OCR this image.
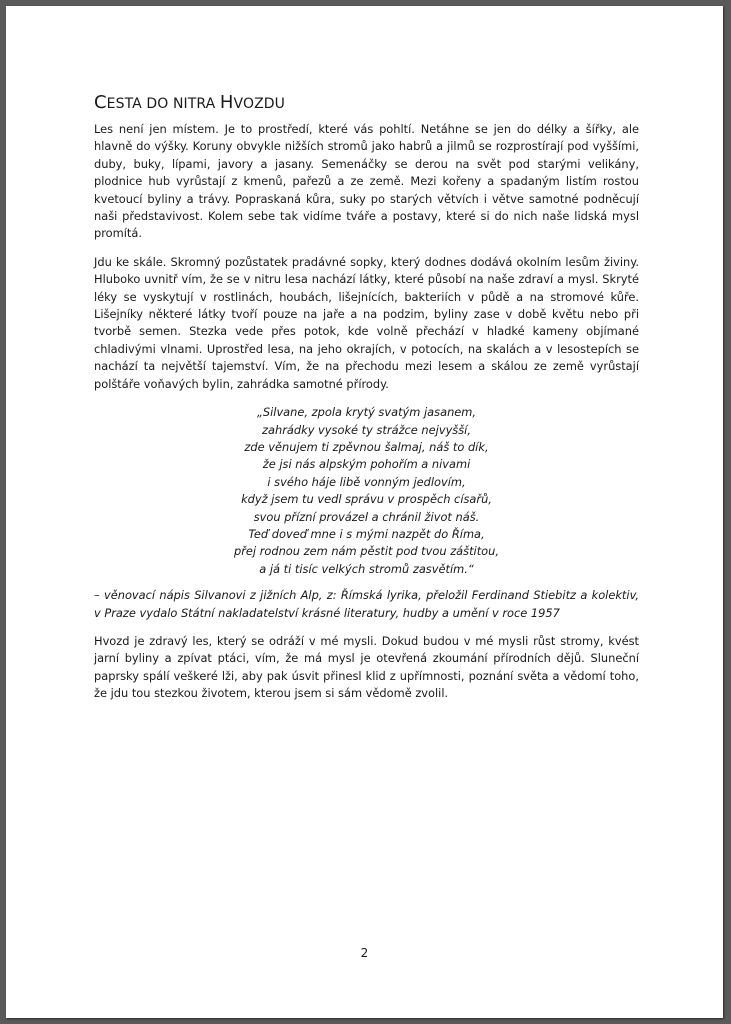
CESTA DO NITRA HVOZDU

Les není jen místem. Je to prostředí, které vás pohltí. Netáhne se jen do délky a šířky, ale hlavně do výšky. Koruny obvykle nižších stromů jako habrů a jilmů se rozprostírají pod vyššími, duby, buky, lípami, javory a jasany. Semenáčky se derou na svět pod starými velikány, plodnice hub vyrůstají z kmenů, pařezů a ze země. Mezi kořeny a spadaným listím rostou kvetoucí byliny a trávy. Popraskaná kůra, suky po starých větvích i větve samotné podněcují naši představivost. Kolem sebe tak vidíme tváře a postavy, které si do nich naše lidská mysl promítá.

Jdu ke skále. Skromný pozůstatek pradávné sopky, který dodnes dodává okolním lesům živiny. Hluboko uvnitř vím, že se v nitru lesa nachází látky, které působí na naše zdraví a mysl. Skryté léky se vyskytují v rostlinách, houbách, lišejnících, bakteriích v půdě a na stromové kůře. Lišejníky některé látky tvoří pouze na jaře a na podzim, byliny zase v době květu nebo při tvorbě semen. Stezka vede přes potok, kde volně přechází v hladké kameny objímané chladivými vlnami. Uprostřed lesa, na jeho okrajích, v potocích, na skalách a v lesostepích se nachází ta největší tajemství. Vím, že na přechodu mezi lesem a skálou ze země vyrůstají polštáře voňavých bylin, zahrádka samotné přírody.

„Silvane, zpola krytý svatým jasanem,
zahrádky vysoké ty strážce nejvyšší,
zde věnujem ti zpěvnou šalmaj, náš to dík,
že jsi nás alpským pohořím a nivami
i svého háje libě vonným jedlovím,
když jsem tu vedl správu v prospěch císařů,
svou přízní provázel a chránil život náš.
Teď doveď mne i s mými nazpět do Říma,
přej rodnou zem nám pěstit pod tvou záštitou,
a já ti tisíc velkých stromů zasvětím.“

– věnovací nápis Silvanovi z jižních Alp, z: Římská lyrika, přeložil Ferdinand Stiebitz a kolektiv, v Praze vydalo Státní nakladatelství krásné literatury, hudby a umění v roce 1957

Hvozd je zdravý les, který se odráží v mé mysli. Dokud budou v mé mysli růst stromy, kvést jarní byliny a zpívat ptáci, vím, že má mysl je otevřená zkoumání přírodních dějů. Sluneční paprsky spálí veškeré lži, aby pak úsvit přinesl klid z upřímnosti, poznání světa a vědomí toho, že jdu tou stezkou životem, kterou jsem si sám vědomě zvolil.

2
